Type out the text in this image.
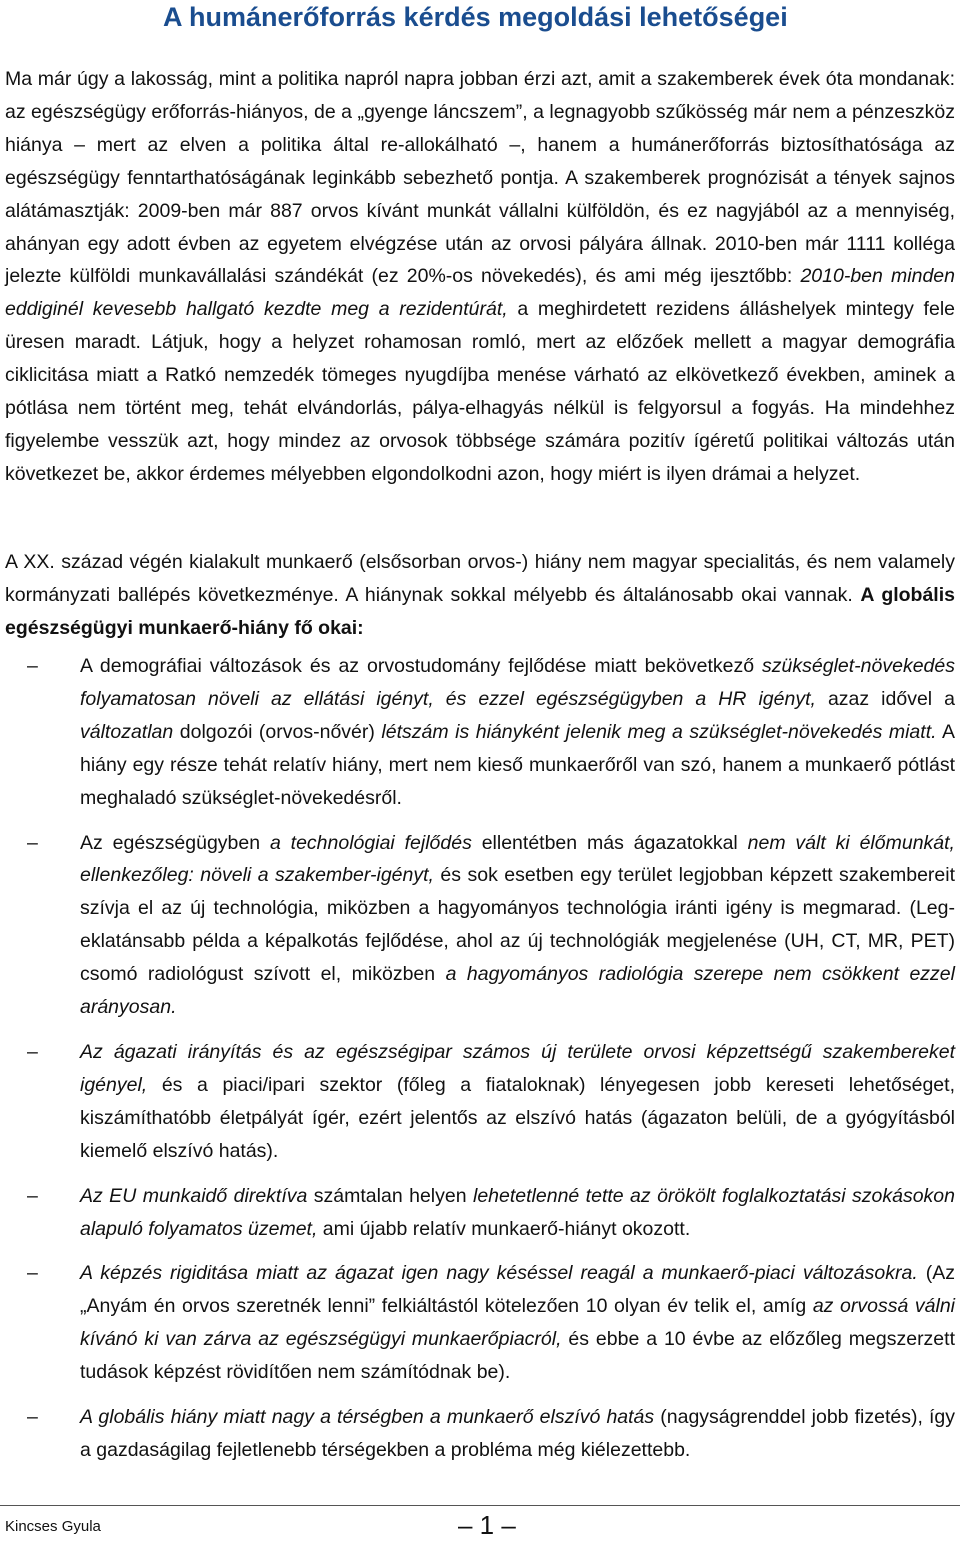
A humánerőforrás kérdés megoldási lehetőségei

Ma már úgy a lakosság, mint a politika napról napra jobban érzi azt, amit a szakemberek évek óta mondanak: az egészségügy erőforrás-hiányos, de a „gyenge láncszem”, a legnagyobb szűkösség már nem a pénzeszköz hiánya – mert az elven a politika által re-allokálható –, hanem a humánerőforrás biztosíthatósága az egészségügy fenntarthatóságának leginkább sebezhető pontja. A szakemberek prognózisát a tények sajnos alátámasztják: 2009-ben már 887 orvos kívánt munkát vállalni külföldön, és ez nagyjából az a mennyiség, ahányan egy adott évben az egyetem elvégzése után az orvosi pályára állnak. 2010-ben már 1111 kolléga jelezte külföldi munkavállalási szándékát (ez 20%-os növekedés), és ami még ijesztőbb: 2010-ben minden eddiginél kevesebb hallgató kezdte meg a rezidentúrát, a meghirdetett rezidens álláshelyek mintegy fele üresen maradt. Látjuk, hogy a helyzet rohamosan romló, mert az előzőek mellett a magyar demográfia ciklicitása miatt a Ratkó nemzedék tömeges nyugdíjba menése várható az elkövetkező években, aminek a pótlása nem történt meg, tehát elvándorlás, pálya-elhagyás nélkül is felgyorsul a fogyás. Ha mindehhez figyelembe vesszük azt, hogy mindez az orvosok többsége számára pozitív ígéretű politikai változás után következet be, akkor érdemes mélyebben elgondolkodni azon, hogy miért is ilyen drámai a helyzet.

A XX. század végén kialakult munkaerő (elsősorban orvos-) hiány nem magyar specialitás, és nem valamely kormányzati ballépés következménye. A hiánynak sokkal mélyebb és általánosabb okai vannak. A globális egészségügyi munkaerő-hiány fő okai:

– A demográfiai változások és az orvostudomány fejlődése miatt bekövetkező szükséglet-növekedés folyamatosan növeli az ellátási igényt, és ezzel egészségügyben a HR igényt, azaz idővel a változatlan dolgozói (orvos-nővér) létszám is hiányként jelenik meg a szükséglet-növekedés miatt. A hiány egy része tehát relatív hiány, mert nem kieső munkaerőről van szó, hanem a munkaerő pótlást meghaladó szükséglet-növekedésről.
– Az egészségügyben a technológiai fejlődés ellentétben más ágazatokkal nem vált ki élőmunkát, ellenkezőleg: növeli a szakember-igényt, és sok esetben egy terület legjobban képzett szakembereit szívja el az új technológia, miközben a hagyományos technológia iránti igény is megmarad. (Leg-eklatánsabb példa a képalkotás fejlődése, ahol az új technológiák megjelenése (UH, CT, MR, PET) csomó radiológust szívott el, miközben a hagyományos radiológia szerepe nem csökkent ezzel arányosan.
– Az ágazati irányítás és az egészségipar számos új területe orvosi képzettségű szakembereket igényel, és a piaci/ipari szektor (főleg a fiataloknak) lényegesen jobb kereseti lehetőséget, kiszámíthatóbb életpályát ígér, ezért jelentős az elszívó hatás (ágazaton belüli, de a gyógyításból kiemelő elszívó hatás).
– Az EU munkaidő direktíva számtalan helyen lehetetlenné tette az örökölt foglalkoztatási szokásokon alapuló folyamatos üzemet, ami újabb relatív munkaerő-hiányt okozott.
– A képzés rigiditása miatt az ágazat igen nagy késéssel reagál a munkaerő-piaci változásokra. (Az „Anyám én orvos szeretnék lenni” felkiáltástól kötelezően 10 olyan év telik el, amíg az orvossá válni kívánó ki van zárva az egészségügyi munkaerőpiacról, és ebbe a 10 évbe az előzőleg megszerzett tudások képzést rövidítően nem számítódnak be).
– A globális hiány miatt nagy a térségben a munkaerő elszívó hatás (nagyságrenddel jobb fizetés), így a gazdaságilag fejletlenebb térségekben a probléma még kiélezettebb.
Kincses Gyula	– 1 –
